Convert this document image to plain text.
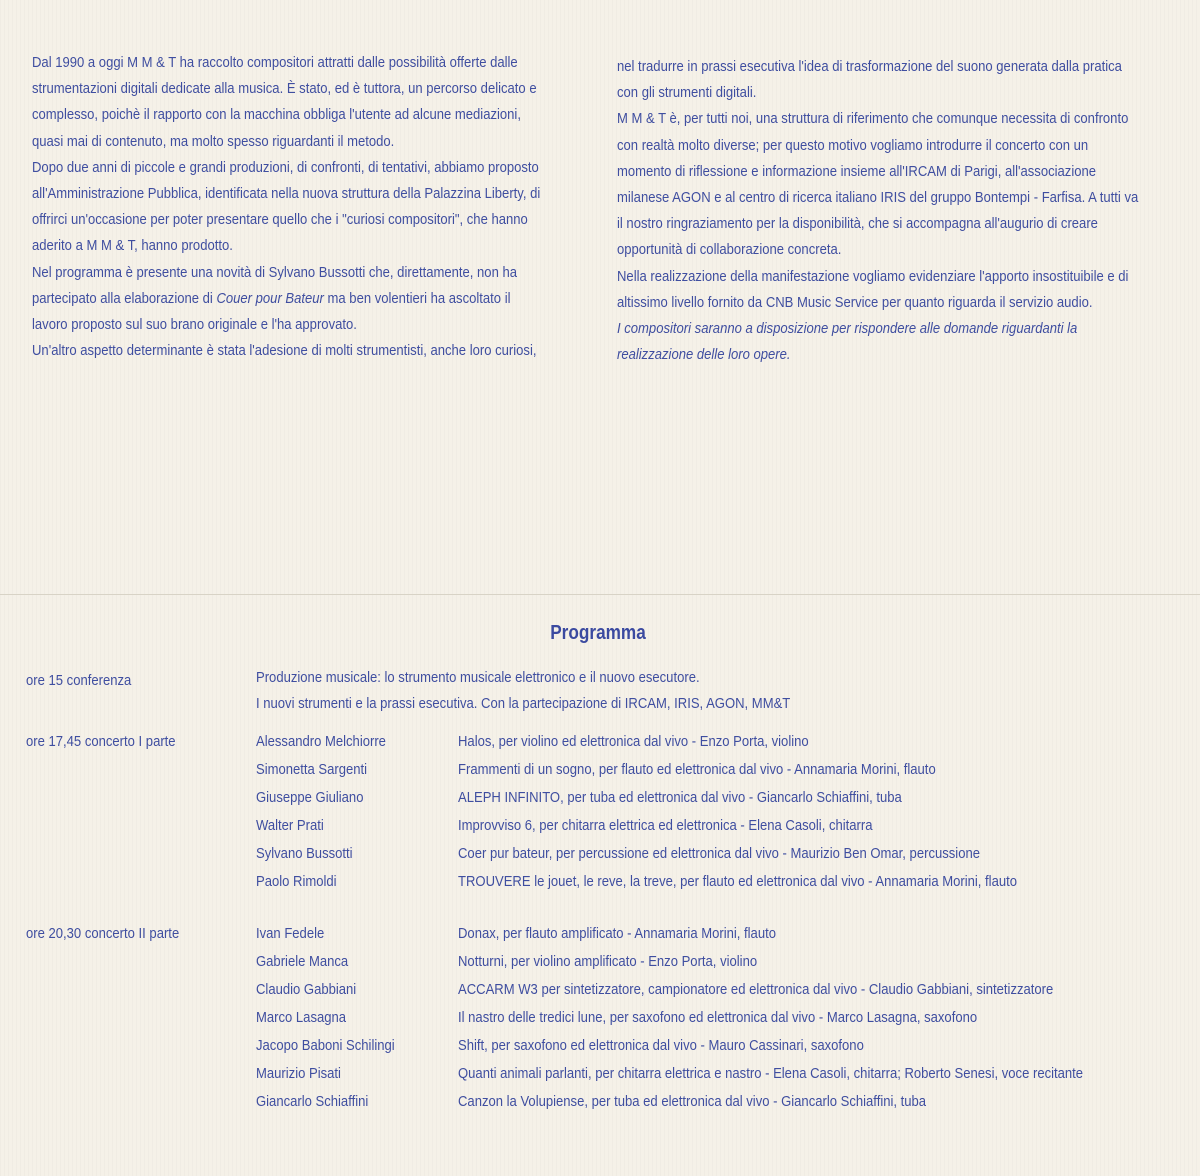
Dal 1990 a oggi M M & T ha raccolto compositori attratti dalle possibilità offerte dalle

strumentazioni digitali dedicate alla musica. È stato, ed è tuttora, un percorso delicato e

complesso, poichè il rapporto con la macchina obbliga l'utente ad alcune mediazioni,

quasi mai di contenuto, ma molto spesso riguardanti il metodo.

Dopo due anni di piccole e grandi produzioni, di confronti, di tentativi, abbiamo proposto

all'Amministrazione Pubblica, identificata nella nuova struttura della Palazzina Liberty, di

offrirci un'occasione per poter presentare quello che i "curiosi compositori", che hanno

aderito a M M & T, hanno prodotto.

Nel programma è presente una novità di Sylvano Bussotti che, direttamente, non ha

partecipato alla elaborazione di Couer pour Bateur ma ben volentieri ha ascoltato il

lavoro proposto sul suo brano originale e l'ha approvato.

Un'altro aspetto determinante è stata l'adesione di molti strumentisti, anche loro curiosi,

nel tradurre in prassi esecutiva l'idea di trasformazione del suono generata dalla pratica

con gli strumenti digitali.

M M & T è, per tutti noi, una struttura di riferimento che comunque necessita di confronto

con realtà molto diverse; per questo motivo vogliamo introdurre il concerto con un

momento di riflessione e informazione insieme all'IRCAM di Parigi, all'associazione

milanese AGON e al centro di ricerca italiano IRIS del gruppo Bontempi - Farfisa. A tutti va

il nostro ringraziamento per la disponibilità, che si accompagna all'augurio di creare

opportunità di collaborazione concreta.

Nella realizzazione della manifestazione vogliamo evidenziare l'apporto insostituibile e di

altissimo livello fornito da CNB Music Service per quanto riguarda il servizio audio.

I compositori saranno a disposizione per rispondere alle domande riguardanti la

realizzazione delle loro opere.

Programma
ore 15 conferenza	Produzione musicale: lo strumento musicale elettronico e il nuovo esecutore.
I nuovi strumenti e la prassi esecutiva. Con la partecipazione di IRCAM, IRIS, AGON, MM&T
ore 17,45 concerto I parte	Alessandro Melchiorre	Halos, per violino ed elettronica dal vivo - Enzo Porta, violino
Simonetta Sargenti	Frammenti di un sogno, per flauto ed elettronica dal vivo - Annamaria Morini, flauto
Giuseppe Giuliano	ALEPH INFINITO, per tuba ed elettronica dal vivo - Giancarlo Schiaffini, tuba
Walter Prati	Improvviso 6, per chitarra elettrica ed elettronica - Elena Casoli, chitarra
Sylvano Bussotti	Coer pur bateur, per percussione ed elettronica dal vivo - Maurizio Ben Omar, percussione
Paolo Rimoldi	TROUVERE le jouet, le reve, la treve, per flauto ed elettronica dal vivo - Annamaria Morini, flauto
ore 20,30 concerto II parte	Ivan Fedele	Donax, per flauto amplificato - Annamaria Morini, flauto
Gabriele Manca	Notturni, per violino amplificato - Enzo Porta, violino
Claudio Gabbiani	ACCARM W3 per sintetizzatore, campionatore ed elettronica dal vivo - Claudio Gabbiani, sintetizzatore
Marco Lasagna	Il nastro delle tredici lune, per saxofono ed elettronica dal vivo - Marco Lasagna, saxofono
Jacopo Baboni Schilingi	Shift, per saxofono ed elettronica dal vivo - Mauro Cassinari, saxofono
Maurizio Pisati	Quanti animali parlanti, per chitarra elettrica e nastro - Elena Casoli, chitarra; Roberto Senesi, voce recitante
Giancarlo Schiaffini	Canzon la Volupiense, per tuba ed elettronica dal vivo - Giancarlo Schiaffini, tuba
